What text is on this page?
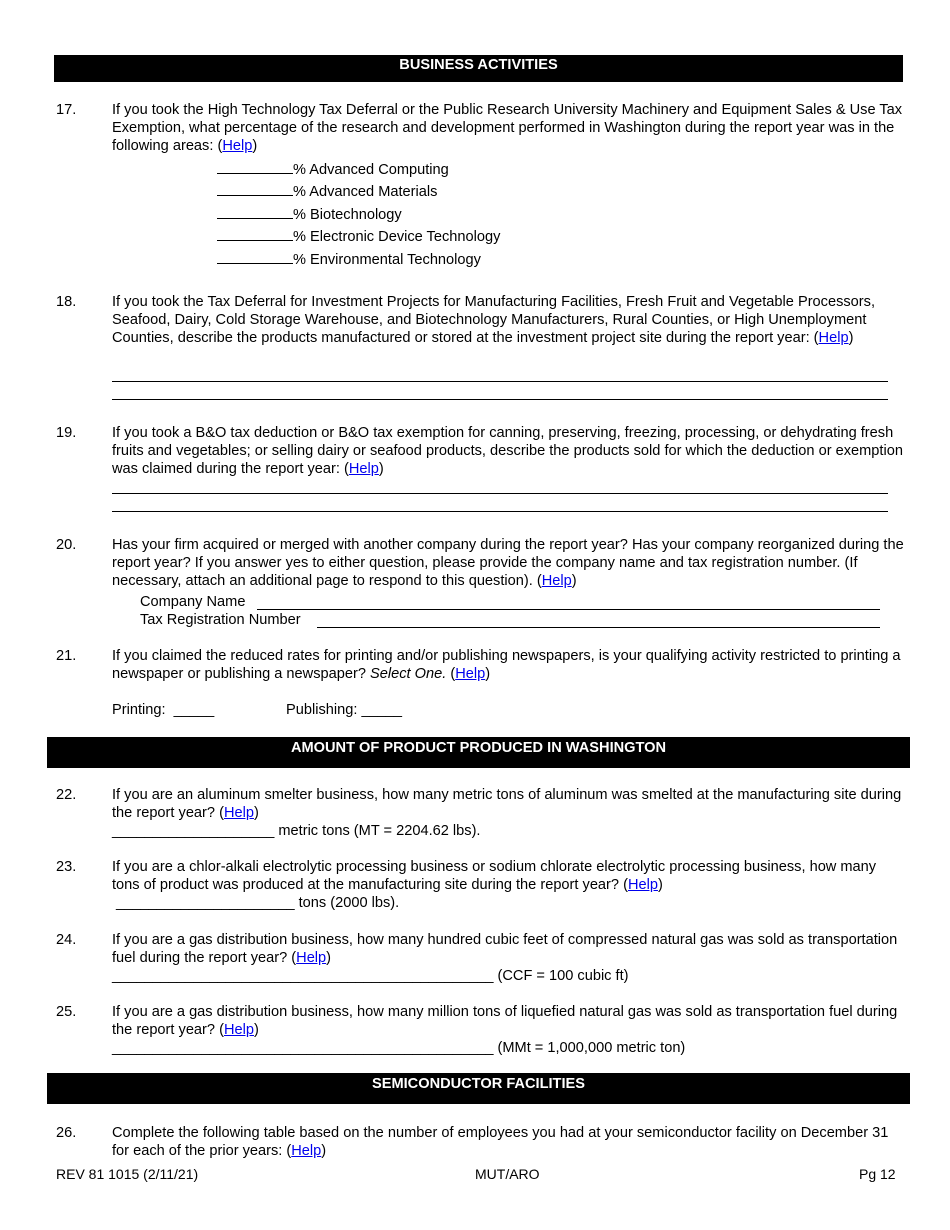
BUSINESS ACTIVITIES
17. If you took the High Technology Tax Deferral or the Public Research University Machinery and Equipment Sales & Use Tax Exemption, what percentage of the research and development performed in Washington during the report year was in the following areas: (Help)
% Advanced Computing
% Advanced Materials
% Biotechnology
% Electronic Device Technology
% Environmental Technology
18. If you took the Tax Deferral for Investment Projects for Manufacturing Facilities, Fresh Fruit and Vegetable Processors, Seafood, Dairy, Cold Storage Warehouse, and Biotechnology Manufacturers, Rural Counties, or High Unemployment Counties, describe the products manufactured or stored at the investment project site during the report year: (Help)
19. If you took a B&O tax deduction or B&O tax exemption for canning, preserving, freezing, processing, or dehydrating fresh fruits and vegetables; or selling dairy or seafood products, describe the products sold for which the deduction or exemption was claimed during the report year: (Help)
20. Has your firm acquired or merged with another company during the report year? Has your company reorganized during the report year? If you answer yes to either question, please provide the company name and tax registration number. (If necessary, attach an additional page to respond to this question). (Help)
Company Name
Tax Registration Number
21. If you claimed the reduced rates for printing and/or publishing newspapers, is your qualifying activity restricted to printing a newspaper or publishing a newspaper? Select One. (Help)
Printing: _____	Publishing: _____
AMOUNT OF PRODUCT PRODUCED IN WASHINGTON
22. If you are an aluminum smelter business, how many metric tons of aluminum was smelted at the manufacturing site during the report year? (Help)
____________________ metric tons (MT = 2204.62 lbs).
23. If you are a chlor-alkali electrolytic processing business or sodium chlorate electrolytic processing business, how many tons of product was produced at the manufacturing site during the report year? (Help)
______________________ tons (2000 lbs).
24. If you are a gas distribution business, how many hundred cubic feet of compressed natural gas was sold as transportation fuel during the report year? (Help)
_______________________________________________ (CCF = 100 cubic ft)
25. If you are a gas distribution business, how many million tons of liquefied natural gas was sold as transportation fuel during the report year? (Help)
_______________________________________________ (MMt = 1,000,000 metric ton)
SEMICONDUCTOR FACILITIES
26. Complete the following table based on the number of employees you had at your semiconductor facility on December 31 for each of the prior years: (Help)
REV 81 1015 (2/11/21)	MUT/ARO	Pg 12
